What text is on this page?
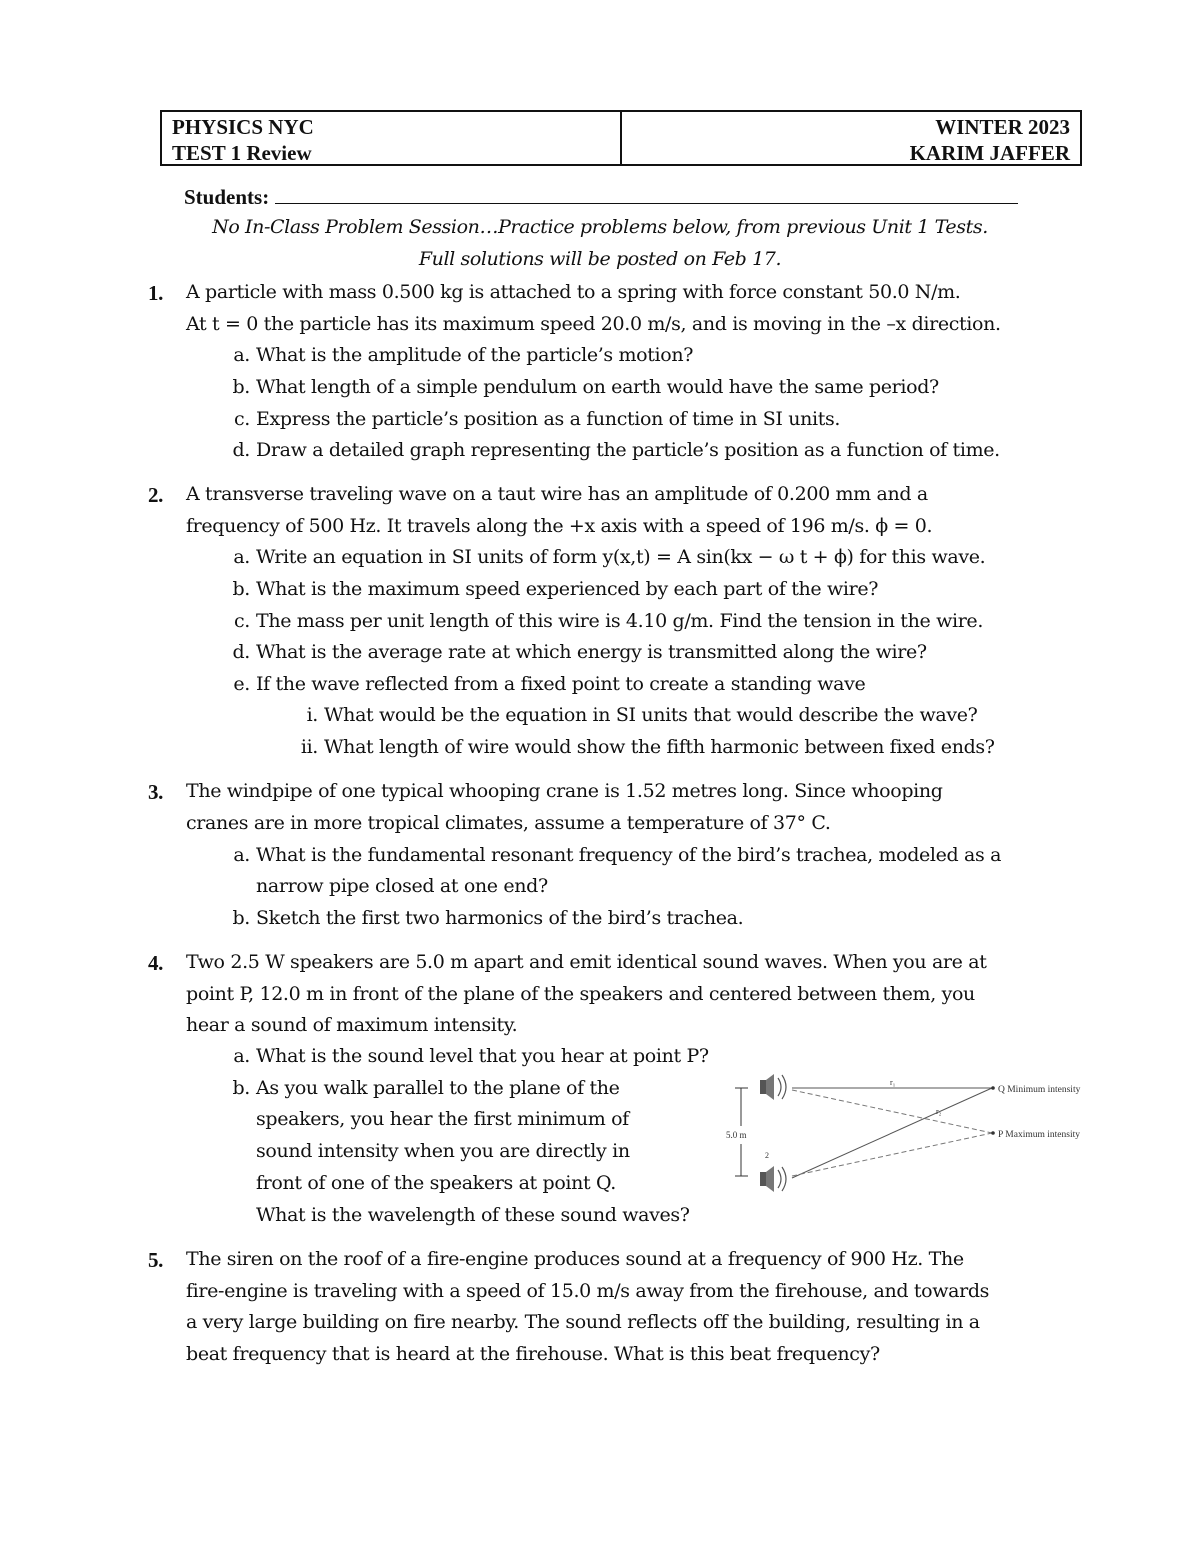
PHYSICS NYC
TEST 1 Review
WINTER 2023
KARIM JAFFER
Students:
No In-Class Problem Session…Practice problems below, from previous Unit 1 Tests.
Full solutions will be posted on Feb 17.
1. A particle with mass 0.500 kg is attached to a spring with force constant 50.0 N/m.
At t = 0 the particle has its maximum speed 20.0 m/s, and is moving in the –x direction.
a. What is the amplitude of the particle’s motion?
b. What length of a simple pendulum on earth would have the same period?
c. Express the particle’s position as a function of time in SI units.
d. Draw a detailed graph representing the particle’s position as a function of time.
2. A transverse traveling wave on a taut wire has an amplitude of 0.200 mm and a
frequency of 500 Hz. It travels along the +x axis with a speed of 196 m/s. ϕ = 0.
a. Write an equation in SI units of form y(x,t) = A sin(kx − ω t + ϕ) for this wave.
b. What is the maximum speed experienced by each part of the wire?
c. The mass per unit length of this wire is 4.10 g/m. Find the tension in the wire.
d. What is the average rate at which energy is transmitted along the wire?
e. If the wave reflected from a fixed point to create a standing wave
i. What would be the equation in SI units that would describe the wave?
ii. What length of wire would show the fifth harmonic between fixed ends?
3. The windpipe of one typical whooping crane is 1.52 metres long. Since whooping
cranes are in more tropical climates, assume a temperature of 37° C.
a. What is the fundamental resonant frequency of the bird’s trachea, modeled as a
narrow pipe closed at one end?
b. Sketch the first two harmonics of the bird’s trachea.
4. Two 2.5 W speakers are 5.0 m apart and emit identical sound waves. When you are at
point P, 12.0 m in front of the plane of the speakers and centered between them, you
hear a sound of maximum intensity.
a. What is the sound level that you hear at point P?
b. As you walk parallel to the plane of the
speakers, you hear the first minimum of
sound intensity when you are directly in
front of one of the speakers at point Q.
What is the wavelength of these sound waves?
5.0 m
2
r₁
r₂
Q Minimum intensity
P Maximum intensity
5. The siren on the roof of a fire-engine produces sound at a frequency of 900 Hz. The
fire-engine is traveling with a speed of 15.0 m/s away from the firehouse, and towards
a very large building on fire nearby. The sound reflects off the building, resulting in a
beat frequency that is heard at the firehouse. What is this beat frequency?
